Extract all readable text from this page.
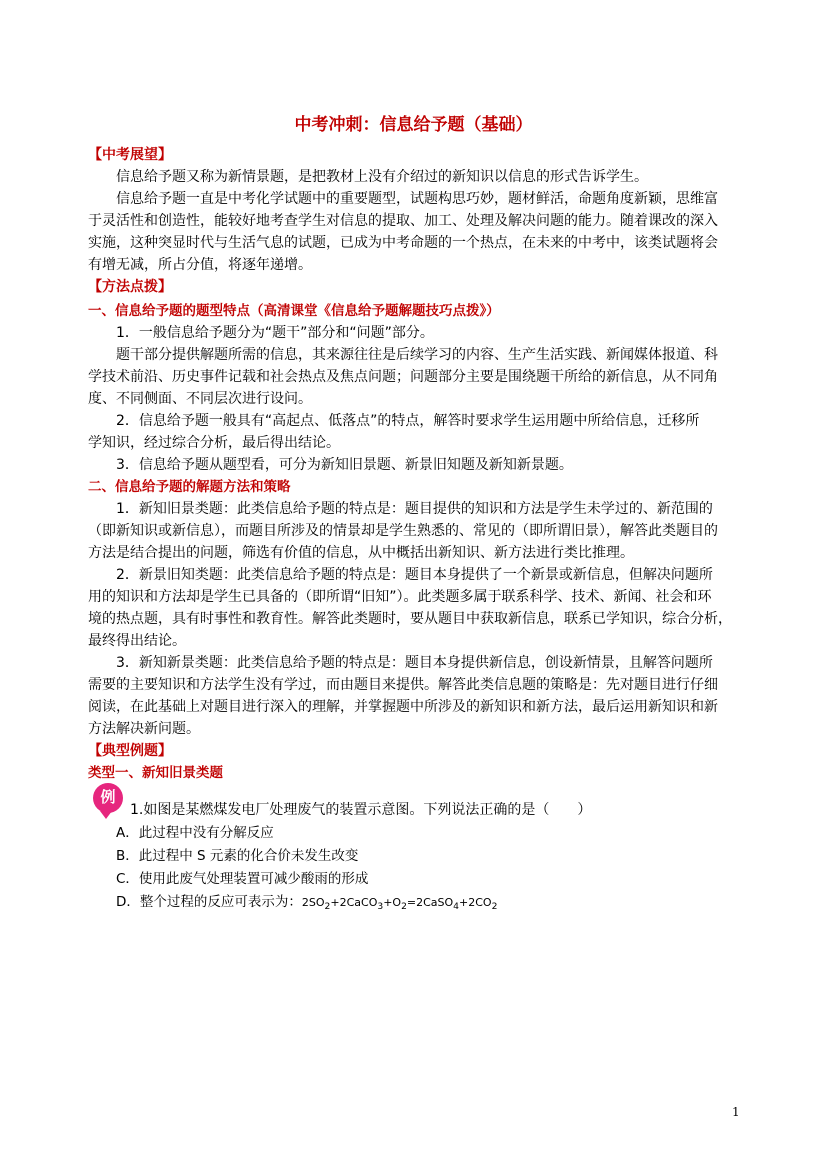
中考冲刺：信息给予题（基础）
【中考展望】
信息给予题又称为新情景题，是把教材上没有介绍过的新知识以信息的形式告诉学生。
信息给予题一直是中考化学试题中的重要题型，试题构思巧妙，题材鲜活，命题角度新颖，思维富
于灵活性和创造性，能较好地考查学生对信息的提取、加工、处理及解决问题的能力。随着课改的深入
实施，这种突显时代与生活气息的试题，已成为中考命题的一个热点，在未来的中考中，该类试题将会
有增无减，所占分值，将逐年递增。
【方法点拨】
一、信息给予题的题型特点（高清课堂《信息给予题解题技巧点拨》）
1．一般信息给予题分为“题干”部分和“问题”部分。
题干部分提供解题所需的信息，其来源往往是后续学习的内容、生产生活实践、新闻媒体报道、科
学技术前沿、历史事件记载和社会热点及焦点问题；问题部分主要是围绕题干所给的新信息，从不同角
度、不同侧面、不同层次进行设问。
2．信息给予题一般具有“高起点、低落点”的特点，解答时要求学生运用题中所给信息，迁移所
学知识，经过综合分析，最后得出结论。
3．信息给予题从题型看，可分为新知旧景题、新景旧知题及新知新景题。
二、信息给予题的解题方法和策略
1．新知旧景类题：此类信息给予题的特点是：题目提供的知识和方法是学生未学过的、新范围的
（即新知识或新信息），而题目所涉及的情景却是学生熟悉的、常见的（即所谓旧景），解答此类题目的
方法是结合提出的问题，筛选有价值的信息，从中概括出新知识、新方法进行类比推理。
2．新景旧知类题：此类信息给予题的特点是：题目本身提供了一个新景或新信息，但解决问题所
用的知识和方法却是学生已具备的（即所谓“旧知”）。此类题多属于联系科学、技术、新闻、社会和环
境的热点题，具有时事性和教育性。解答此类题时，要从题目中获取新信息，联系已学知识，综合分析，
最终得出结论。
3．新知新景类题：此类信息给予题的特点是：题目本身提供新信息，创设新情景，且解答问题所
需要的主要知识和方法学生没有学过，而由题目来提供。解答此类信息题的策略是：先对题目进行仔细
阅读，在此基础上对题目进行深入的理解，并掌握题中所涉及的新知识和新方法，最后运用新知识和新
方法解决新问题。
【典型例题】
类型一、新知旧景类题
例
1.如图是某燃煤发电厂处理废气的装置示意图。下列说法正确的是（　　）
A．此过程中没有分解反应
B．此过程中 S 元素的化合价未发生改变
C．使用此废气处理装置可减少酸雨的形成
D．整个过程的反应可表示为：$2SO_2+2CaCO_3+O_2=2CaSO_4+2CO_2$
1
